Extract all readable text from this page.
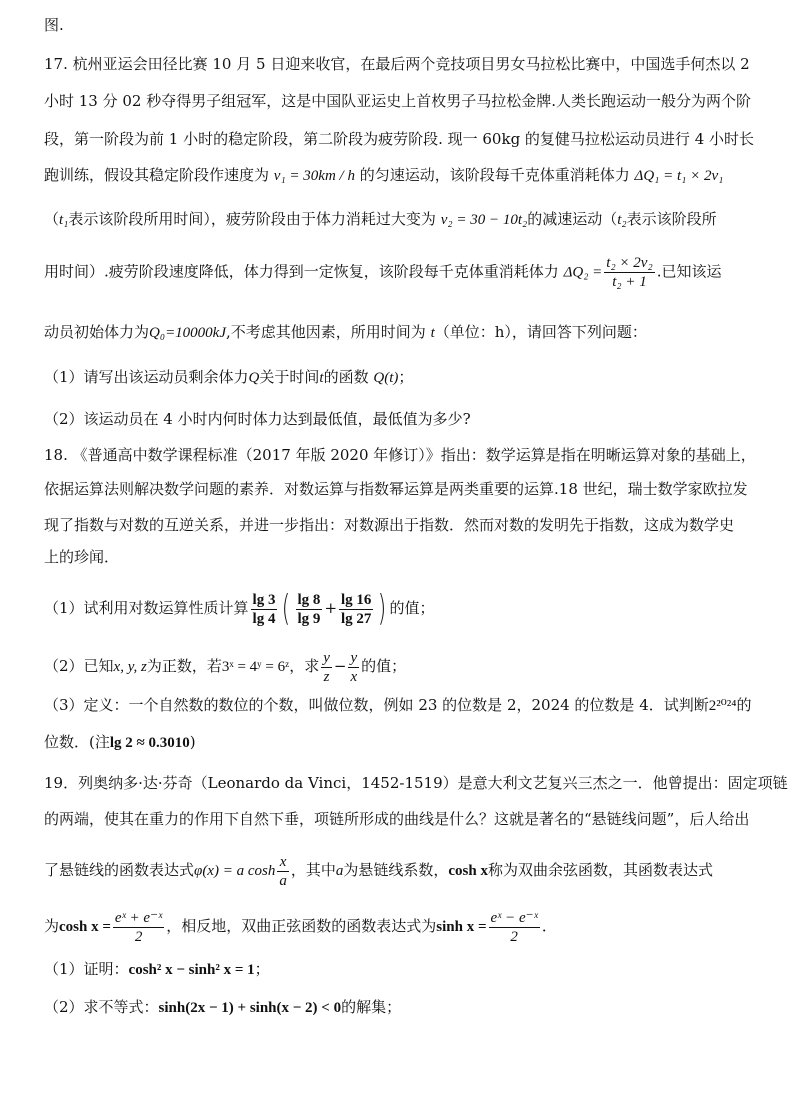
图.
17. 杭州亚运会田径比赛 10 月 5 日迎来收官，在最后两个竞技项目男女马拉松比赛中，中国选手何杰以 2
小时 13 分 02 秒夺得男子组冠军，这是中国队亚运史上首枚男子马拉松金牌.人类长跑运动一般分为两个阶
段，第一阶段为前 1 小时的稳定阶段，第二阶段为疲劳阶段. 现一 60kg 的复健马拉松运动员进行 4 小时长
跑训练，假设其稳定阶段作速度为 v₁ = 30km / h 的匀速运动，该阶段每千克体重消耗体力 ΔQ₁ = t₁ × 2v₁
（t₁表示该阶段所用时间），疲劳阶段由于体力消耗过大变为 v₂ = 30 − 10t₂的减速运动（t₂表示该阶段所
用时间）.疲劳阶段速度降低，体力得到一定恢复，该阶段每千克体重消耗体力 $\Delta Q_2 = \frac{\text{t₂ × 2v₂}}{\text{t₂ + 1}}$ .已知该运
动员初始体力为Q₀=10000kJ,不考虑其他因素，所用时间为 t（单位：h），请回答下列问题：
（1）请写出该运动员剩余体力Q关于时间t的函数 Q(t)；
（2）该运动员在 4 小时内何时体力达到最低值，最低值为多少?
18. 《普通高中数学课程标准（2017 年版 2020 年修订）》指出：数学运算是指在明晰运算对象的基础上，
依据运算法则解决数学问题的素养．对数运算与指数幂运算是两类重要的运算.18 世纪，瑞士数学家欧拉发
现了指数与对数的互逆关系，并进一步指出：对数源出于指数．然而对数的发明先于指数，这成为数学史
上的珍闻．
（1）试利用对数运算性质计算 $\frac{\lg 3}{\lg 4}$ ( $\frac{\lg 8}{\lg 9} + \frac{\lg 16}{\lg 27}$ ) 的值；
（2）已知x, y, z为正数，若3ˣ = 4ʸ = 6ᶻ，求 $\frac{y}{z} - \frac{y}{x}$ 的值；
（3）定义：一个自然数的数位的个数，叫做位数，例如 23 的位数是 2，2024 的位数是 4．试判断2²⁰²⁴的
位数．(注lg 2 ≈ 0.3010)
19．列奥纳多·达·芬奇（Leonardo da Vinci，1452-1519）是意大利文艺复兴三杰之一．他曾提出：固定项链
的两端，使其在重力的作用下自然下垂，项链所形成的曲线是什么？这就是著名的“悬链线问题”，后人给出
了悬链线的函数表达式φ(x) = a $\cosh \frac{x}{a}$ ，其中a为悬链线系数，cosh x称为双曲余弦函数，其函数表达式
为$\cosh x = \frac{\text{eˣ + e⁻ˣ}}{2}$ ，相反地，双曲正弦函数的函数表达式为$\sinh x = \frac{\text{eˣ − e⁻ˣ}}{2}$ ．
（1）证明：cosh² x − sinh² x = 1；
（2）求不等式：sinh(2x − 1) + sinh(x − 2) < 0的解集；
